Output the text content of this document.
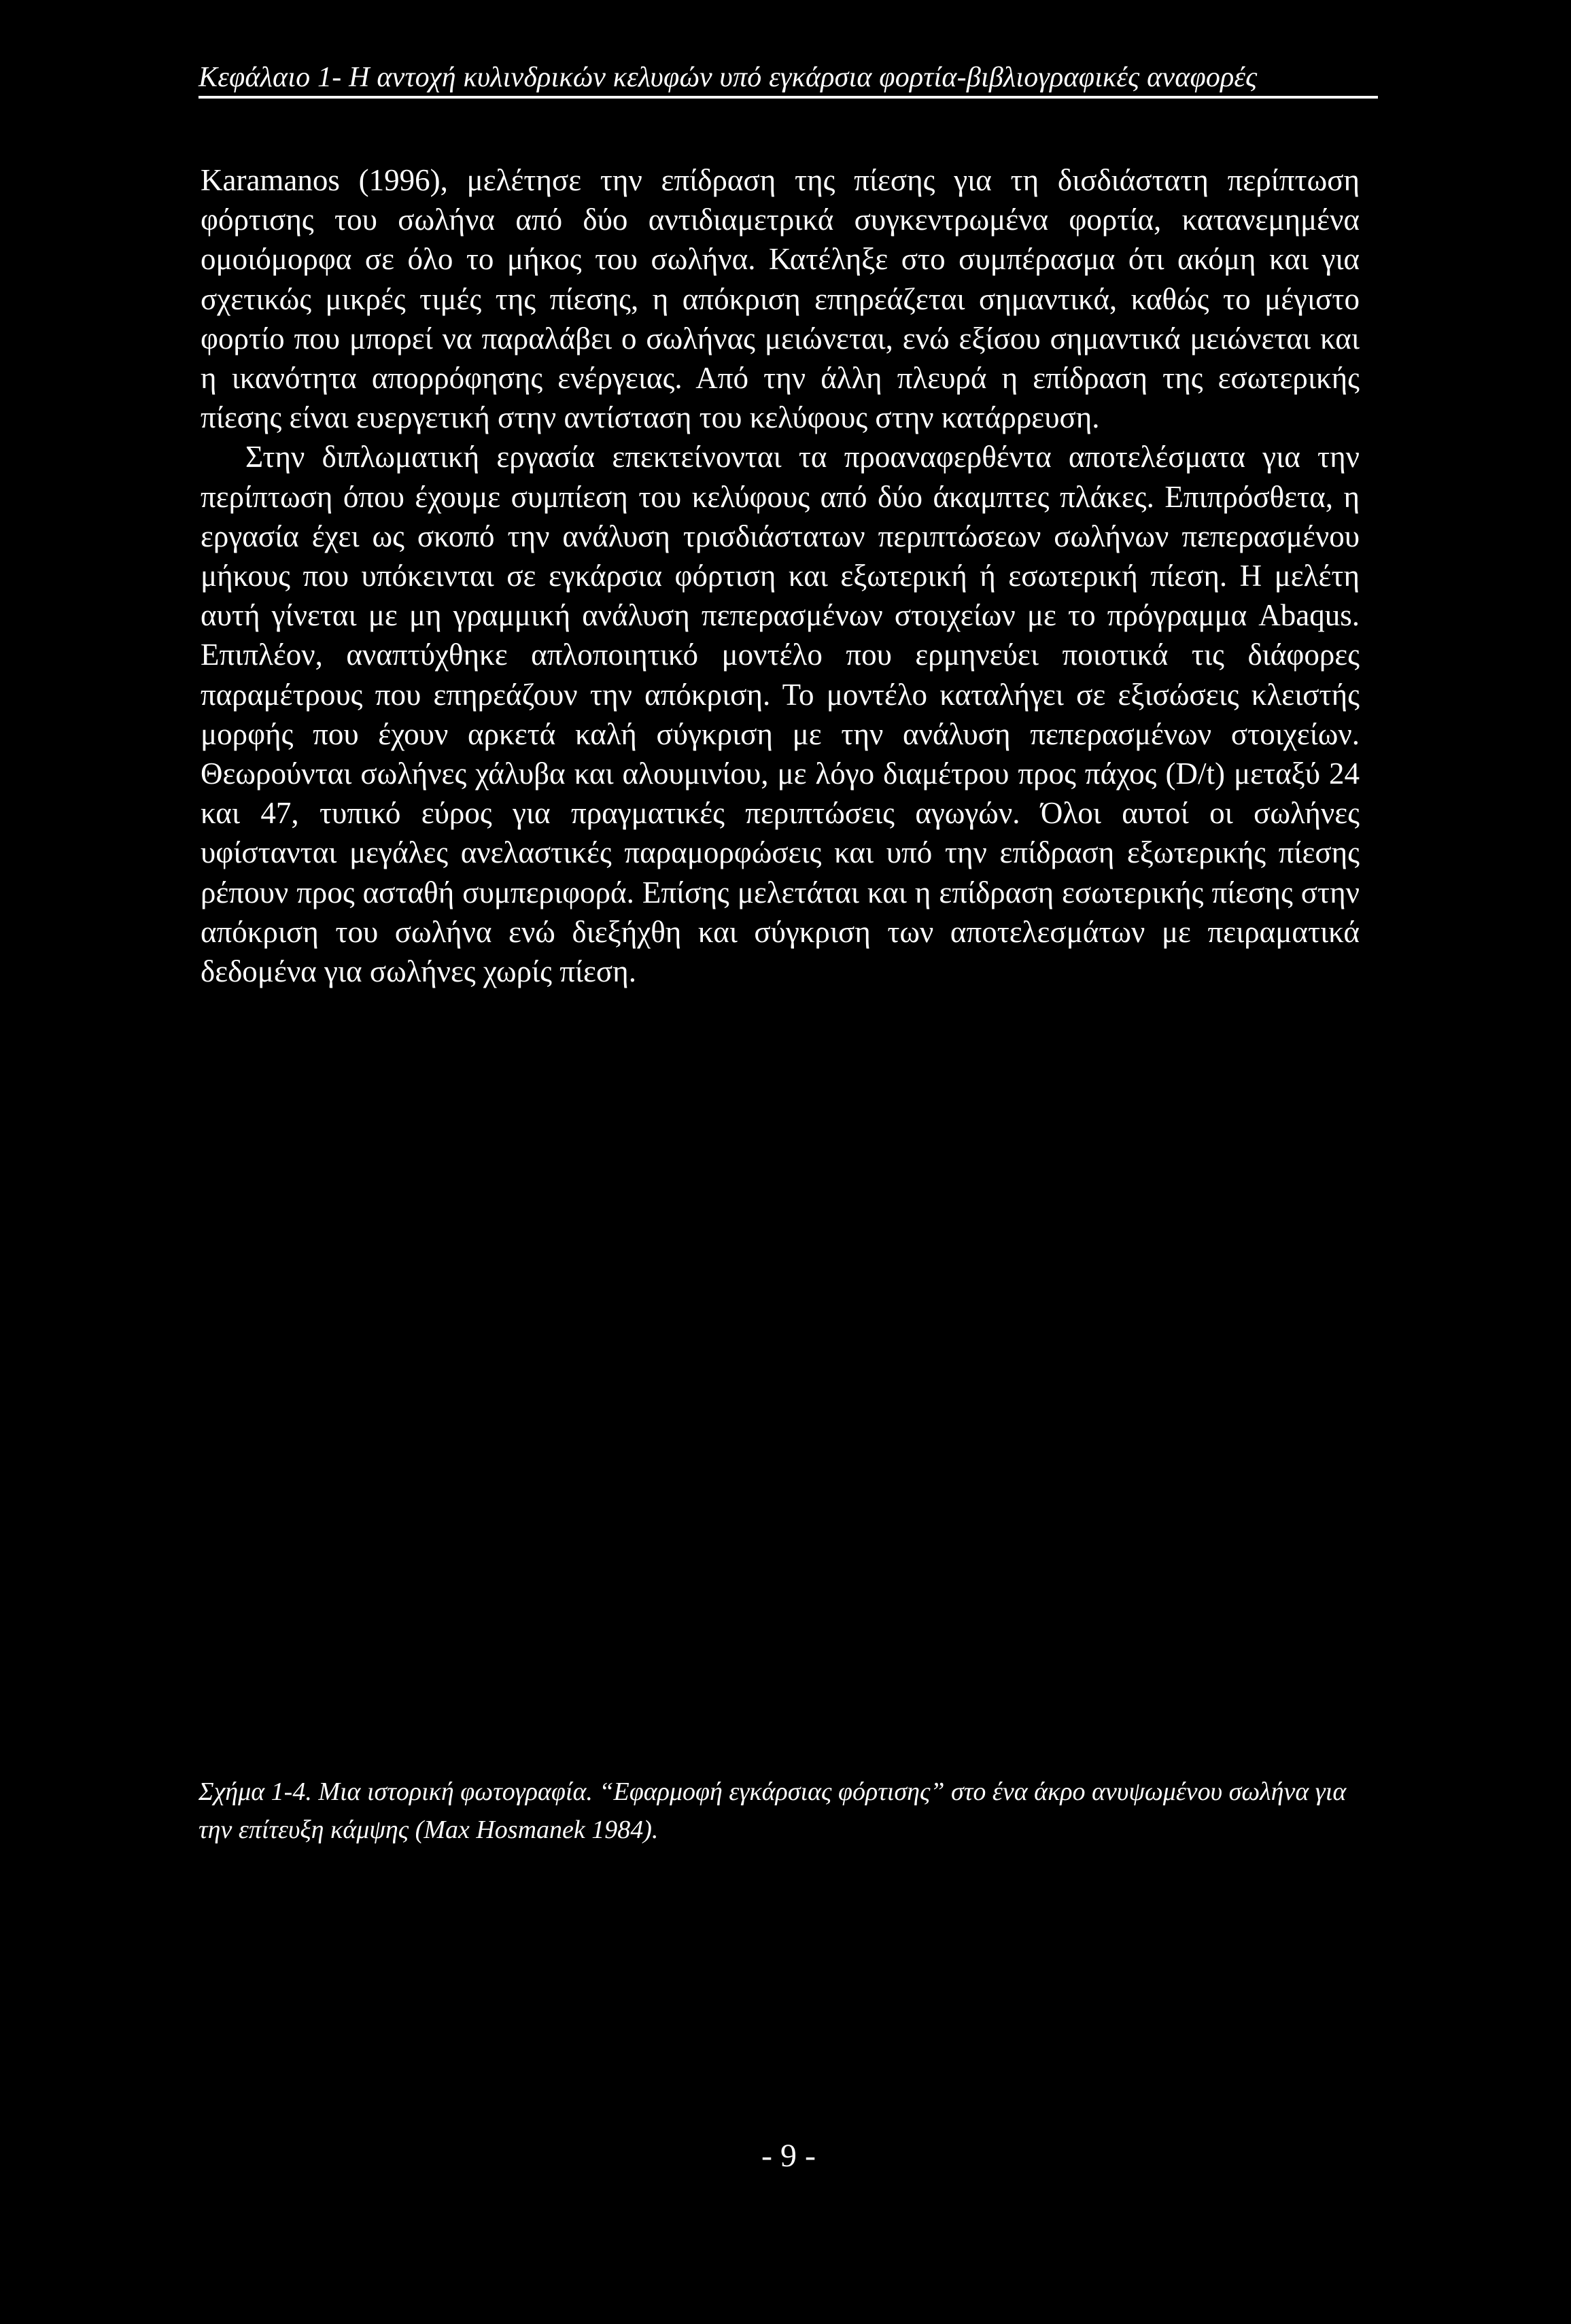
Κεφάλαιο 1- Η αντοχή κυλινδρικών κελυφών υπό εγκάρσια φορτία-βιβλιογραφικές αναφορές

Karamanos (1996), μελέτησε την επίδραση της πίεσης για τη δισδιάστατη περίπτωση φόρτισης του σωλήνα από δύο αντιδιαμετρικά συγκεντρωμένα φορτία, κατανεμημένα ομοιόμορφα σε όλο το μήκος του σωλήνα. Κατέληξε στο συμπέρασμα ότι ακόμη και για σχετικώς μικρές τιμές της πίεσης, η απόκριση επηρεάζεται σημαντικά, καθώς το μέγιστο φορτίο που μπορεί να παραλάβει ο σωλήνας μειώνεται, ενώ εξίσου σημαντικά μειώνεται και η ικανότητα απορρόφησης ενέργειας. Από την άλλη πλευρά η επίδραση της εσωτερικής πίεσης είναι ευεργετική στην αντίσταση του κελύφους στην κατάρρευση.

Στην διπλωματική εργασία επεκτείνονται τα προαναφερθέντα αποτελέσματα για την περίπτωση όπου έχουμε συμπίεση του κελύφους από δύο άκαμπτες πλάκες. Επιπρόσθετα, η εργασία έχει ως σκοπό την ανάλυση τρισδιάστατων περιπτώσεων σωλήνων πεπερασμένου μήκους που υπόκεινται σε εγκάρσια φόρτιση και εξωτερική ή εσωτερική πίεση. Η μελέτη αυτή γίνεται με μη γραμμική ανάλυση πεπερασμένων στοιχείων με το πρόγραμμα Abaqus. Επιπλέον, αναπτύχθηκε απλοποιητικό μοντέλο που ερμηνεύει ποιοτικά τις διάφορες παραμέτρους που επηρεάζουν την απόκριση. Το μοντέλο καταλήγει σε εξισώσεις κλειστής μορφής που έχουν αρκετά καλή σύγκριση με την ανάλυση πεπερασμένων στοιχείων. Θεωρούνται σωλήνες χάλυβα και αλουμινίου, με λόγο διαμέτρου προς πάχος (D/t) μεταξύ 24 και 47, τυπικό εύρος για πραγματικές περιπτώσεις αγωγών. Όλοι αυτοί οι σωλήνες υφίστανται μεγάλες ανελαστικές παραμορφώσεις και υπό την επίδραση εξωτερικής πίεσης ρέπουν προς ασταθή συμπεριφορά. Επίσης μελετάται και η επίδραση εσωτερικής πίεσης στην απόκριση του σωλήνα ενώ διεξήχθη και σύγκριση των αποτελεσμάτων με πειραματικά δεδομένα για σωλήνες χωρίς πίεση.

Σχήμα 1-4. Μια ιστορική φωτογραφία. “Εφαρμοφή εγκάρσιας φόρτισης” στο ένα άκρο ανυψωμένου σωλήνα για την επίτευξη κάμψης (Max Hosmanek 1984).
- 9 -
